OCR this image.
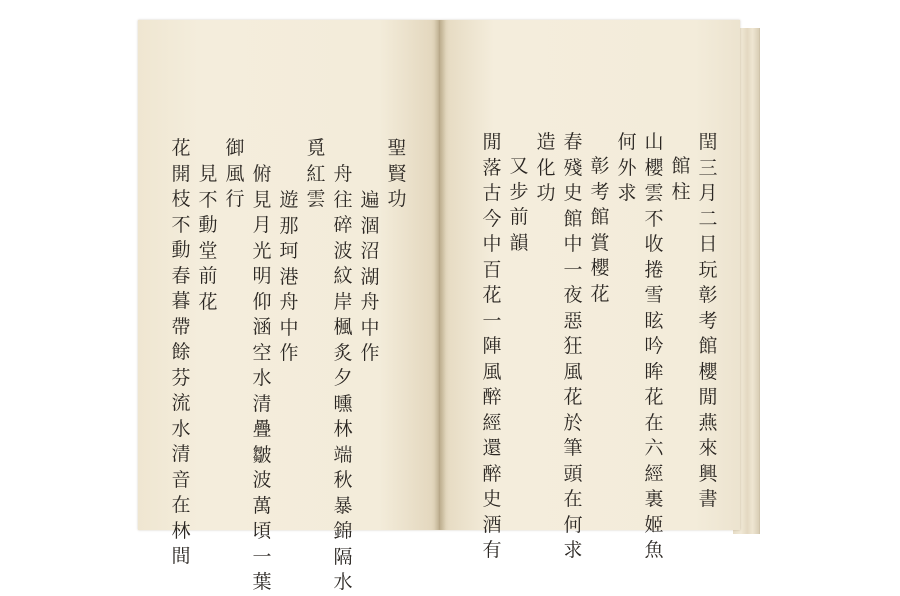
花開枝不動春暮帶餘芬流水清音在林間
見不動堂前花
御風行
俯見月光明仰涵空水清疊皺波萬頃一葉
遊那珂港舟中作
覓紅雲
舟往碎波紋岸楓炙夕曛林端秋暴錦隔水
遍涸沼湖舟中作
聖賢功
閏三月二日玩彰考館櫻閒燕來興書
館柱
山櫻雲不收捲雪眩吟眸花在六經裏姬魚
何外求
彰考館賞櫻花
春殘史館中一夜惡狂風花於筆頭在何求
造化功
又步前韻
閒落古今中百花一陣風醉經還醉史酒有
